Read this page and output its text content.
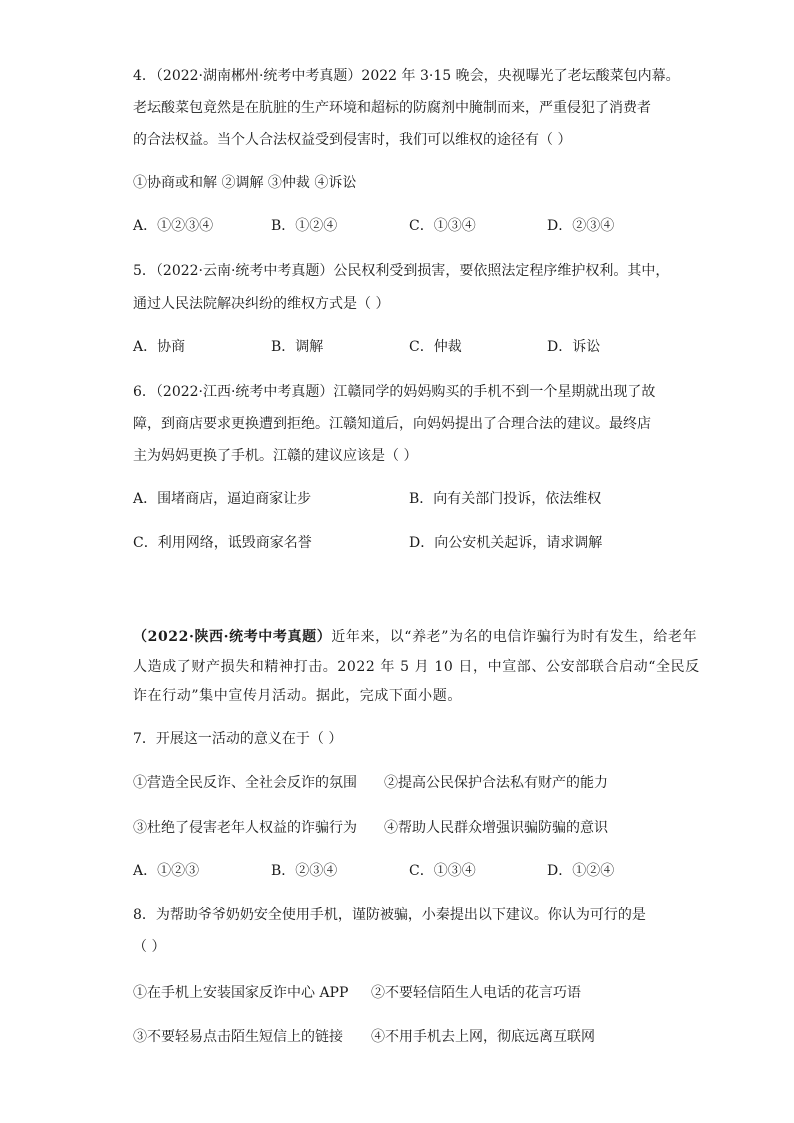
4．（2022·湖南郴州·统考中考真题）2022 年 3·15 晚会，央视曝光了老坛酸菜包内幕。
老坛酸菜包竟然是在肮脏的生产环境和超标的防腐剂中腌制而来，严重侵犯了消费者
的合法权益。当个人合法权益受到侵害时，我们可以维权的途径有（ ）
①协商或和解 ②调解 ③仲裁 ④诉讼
A．①②③④	B．①②④	C．①③④	D．②③④
5．（2022·云南·统考中考真题）公民权利受到损害，要依照法定程序维护权利。其中，
通过人民法院解决纠纷的维权方式是（ ）
A．协商	B．调解	C．仲裁	D．诉讼
6．（2022·江西·统考中考真题）江赣同学的妈妈购买的手机不到一个星期就出现了故
障，到商店要求更换遭到拒绝。江赣知道后，向妈妈提出了合理合法的建议。最终店
主为妈妈更换了手机。江赣的建议应该是（ ）
A．围堵商店，逼迫商家让步	B．向有关部门投诉，依法维权
C．利用网络，诋毁商家名誉	D．向公安机关起诉，请求调解
（2022·陕西·统考中考真题）近年来，以“养老”为名的电信诈骗行为时有发生，给老年
人造成了财产损失和精神打击。2022 年 5 月 10 日，中宣部、公安部联合启动“全民反
诈在行动”集中宣传月活动。据此，完成下面小题。
7．开展这一活动的意义在于（ ）
①营造全民反诈、全社会反诈的氛围 ②提高公民保护合法私有财产的能力
③杜绝了侵害老年人权益的诈骗行为 ④帮助人民群众增强识骗防骗的意识
A．①②③	B．②③④	C．①③④	D．①②④
8．为帮助爷爷奶奶安全使用手机，谨防被骗，小秦提出以下建议。你认为可行的是
（ ）
①在手机上安装国家反诈中心 APP ②不要轻信陌生人电话的花言巧语
③不要轻易点击陌生短信上的链接 ④不用手机去上网，彻底远离互联网
